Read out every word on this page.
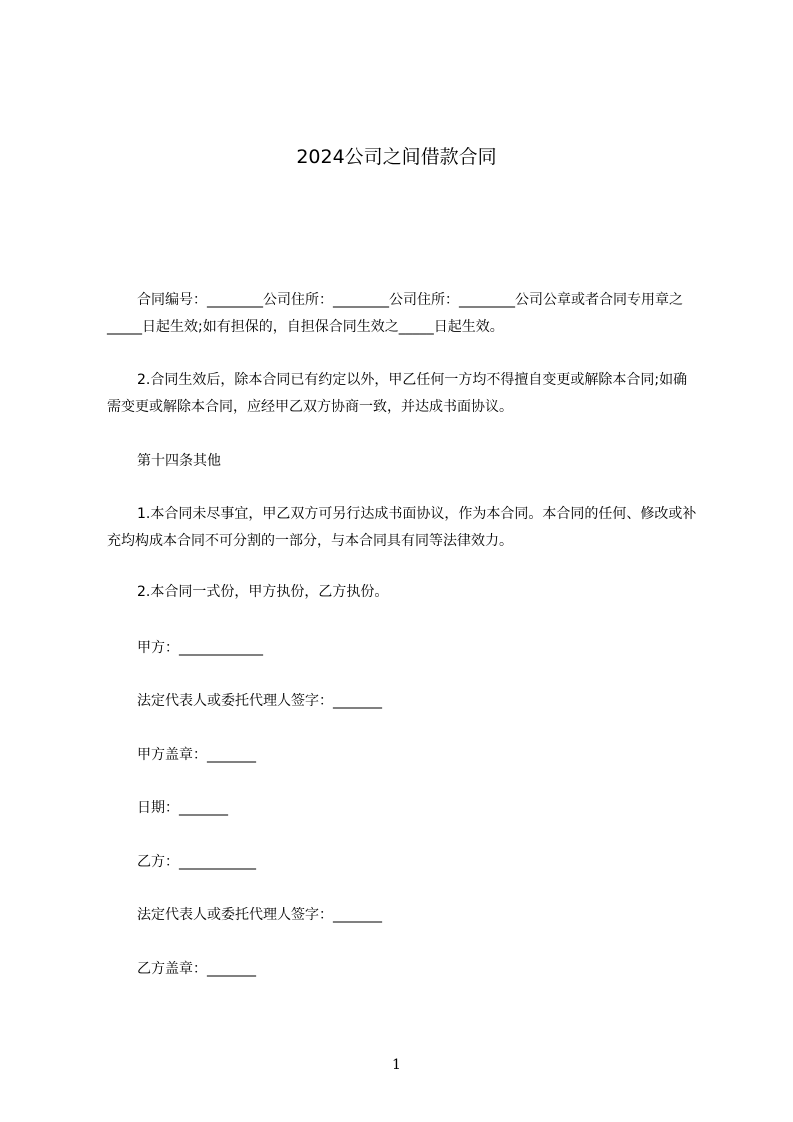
2024公司之间借款合同

合同编号：________公司住所：________公司住所：________公司公章或者合同专用章之_____日起生效;如有担保的，自担保合同生效之_____日起生效。

2.合同生效后，除本合同已有约定以外，甲乙任何一方均不得擅自变更或解除本合同;如确需变更或解除本合同，应经甲乙双方协商一致，并达成书面协议。

第十四条其他

1.本合同未尽事宜，甲乙双方可另行达成书面协议，作为本合同。本合同的任何、修改或补充均构成本合同不可分割的一部分，与本合同具有同等法律效力。

2.本合同一式份，甲方执份，乙方执份。
甲方：____________
法定代表人或委托代理人签字：_______
甲方盖章：_______
日期：_______
乙方：___________
法定代表人或委托代理人签字：_______
乙方盖章：_______
1
